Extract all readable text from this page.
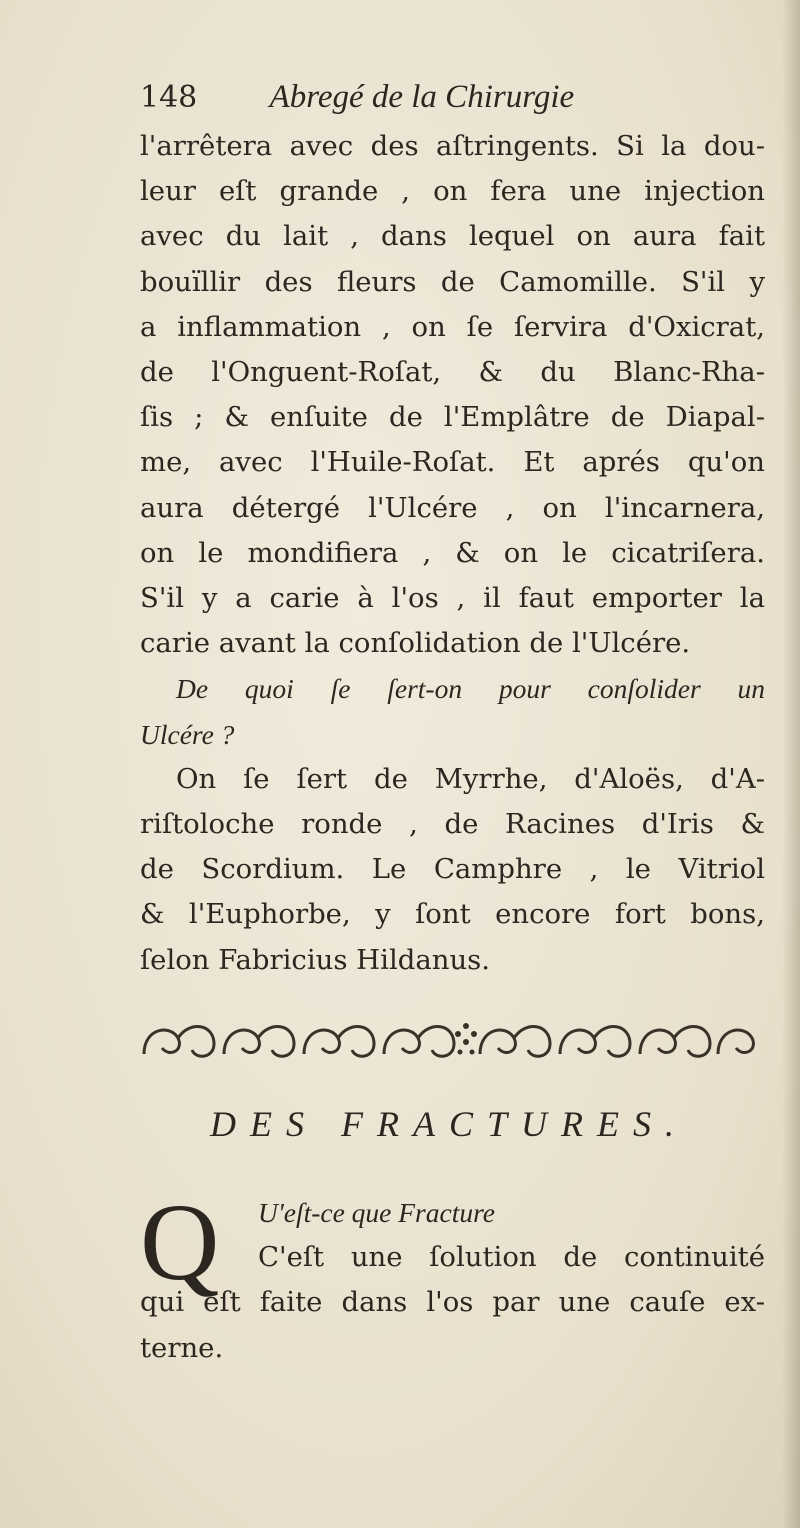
148 Abregé de la Chirurgie
l'arrêtera avec des aſtringents. Si la dou-
leur eſt grande , on fera une injection
avec du lait , dans lequel on aura fait
bouïllir des fleurs de Camomille. S'il y
a inflammation , on ſe ſervira d'Oxicrat,
de l'Onguent-Roſat, & du Blanc-Rha-
ſis ; & enſuite de l'Emplâtre de Diapal-
me, avec l'Huile-Roſat. Et aprés qu'on
aura détergé l'Ulcére , on l'incarnera,
on le mondifiera , & on le cicatriſera.
S'il y a carie à l'os , il faut emporter la
carie avant la conſolidation de l'Ulcére.
De quoi ſe ſert-on pour conſolider un
Ulcére ?
On ſe ſert de Myrrhe, d'Aloës, d'A-
riſtoloche ronde , de Racines d'Iris &
de Scordium. Le Camphre , le Vitriol
& l'Euphorbe, y ſont encore fort bons,
ſelon Fabricius Hildanus.
DES FRACTURES.
Q	U'eſt-ce que Fracture
C'eſt une ſolution de continuité
qui eſt faite dans l'os par une cauſe ex-
terne.
